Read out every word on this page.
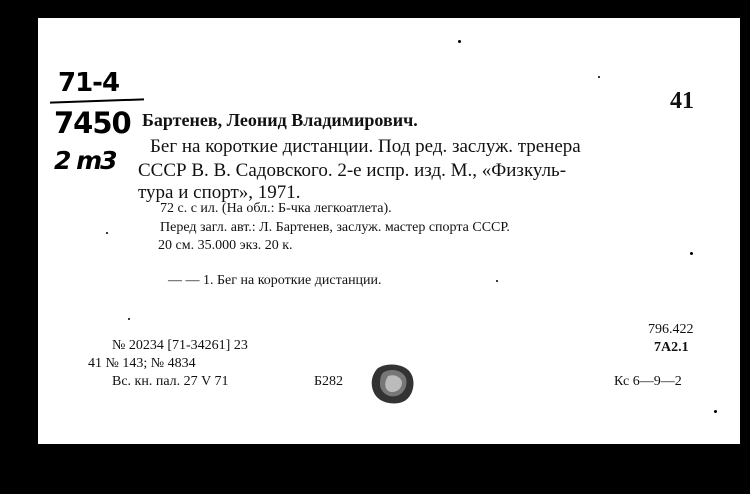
71-4
7450
2 m3
41
Бартенев, Леонид Владимирович.
Бег на короткие дистанции. Под ред. заслуж. тренера
СССР В. В. Садовского. 2-е испр. изд. М., «Физкуль-
тура и спорт», 1971.
72 с. с ил. (На обл.: Б-чка легкоатлета).
Перед загл. авт.: Л. Бартенев, заслуж. мастер спорта СССР.
20 см. 35.000 экз. 20 к.
— — 1. Бег на короткие дистанции.
796.422
7А2.1
№ 20234 [71-34261] 23
41 № 143; № 4834
Вс. кн. пал. 27 V 71	Б282	Кс 6—9—2
